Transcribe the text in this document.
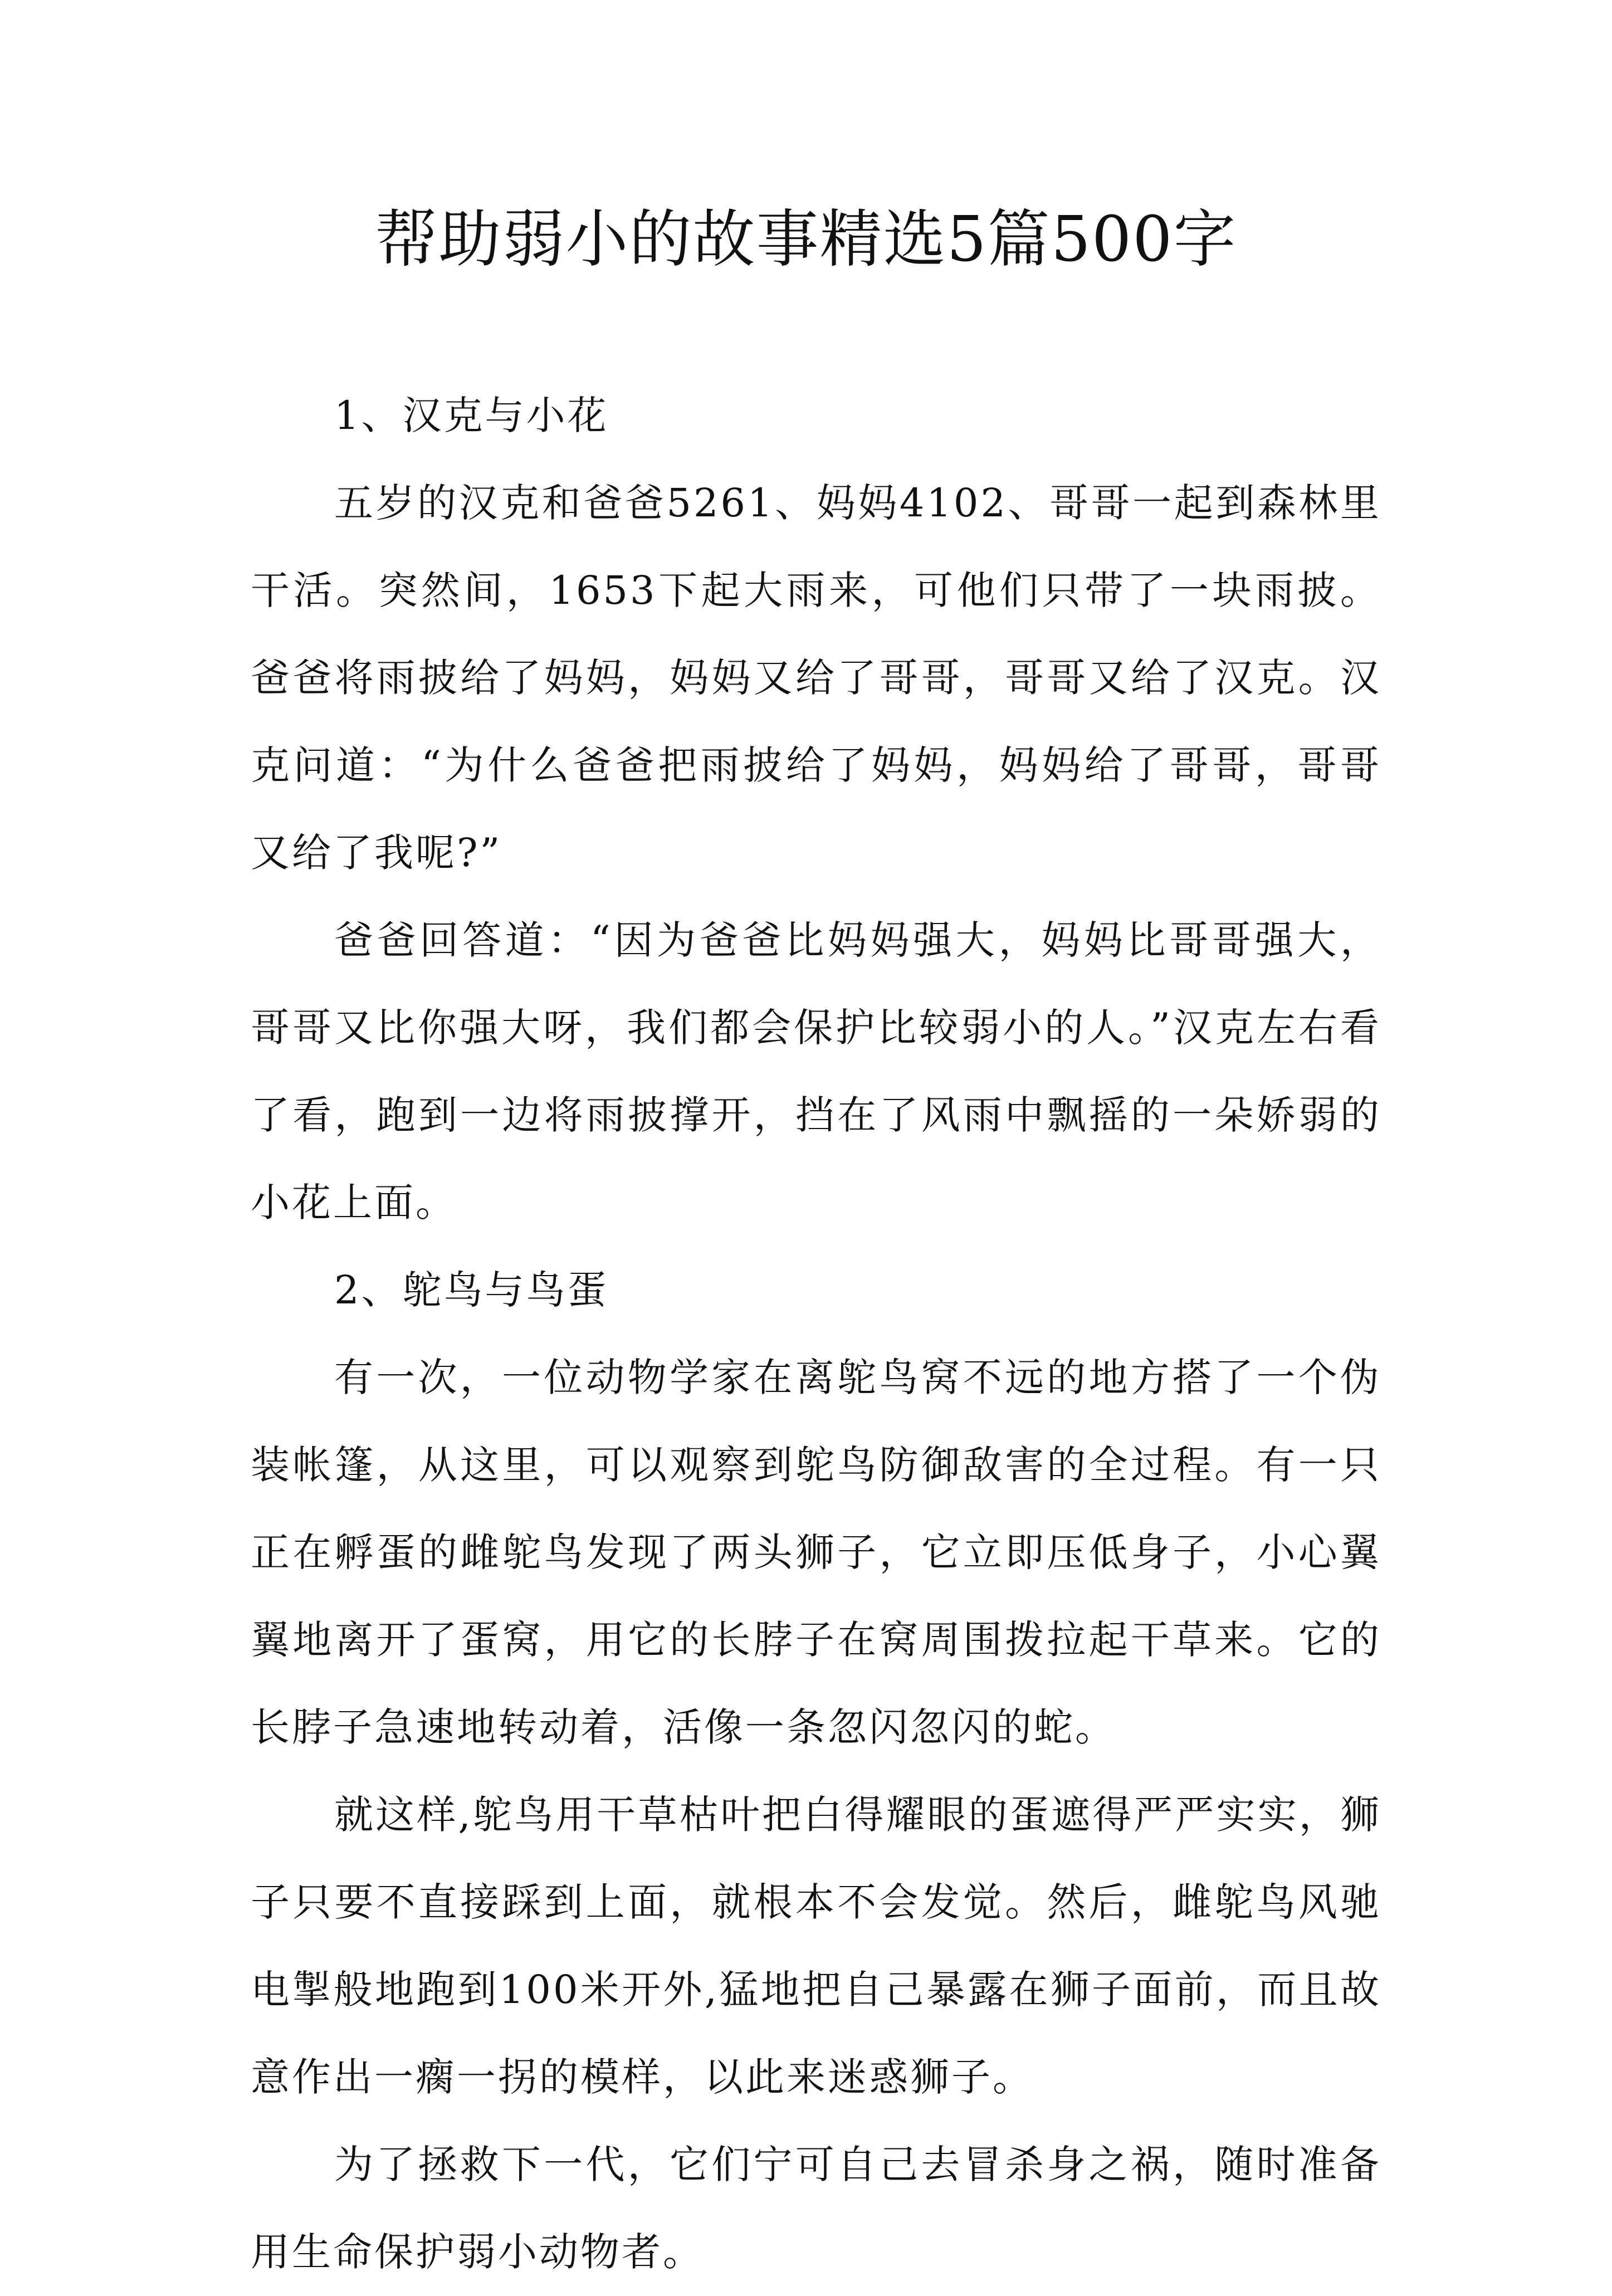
帮助弱小的故事精选5篇500字

1、汉克与小花

五岁的汉克和爸爸5261、妈妈4102、哥哥一起到森林里干活。突然间，1653下起大雨来，可他们只带了一块雨披。爸爸将雨披给了妈妈，妈妈又给了哥哥，哥哥又给了汉克。汉克问道：“为什么爸爸把雨披给了妈妈，妈妈给了哥哥，哥哥又给了我呢?”

爸爸回答道：“因为爸爸比妈妈强大，妈妈比哥哥强大，哥哥又比你强大呀，我们都会保护比较弱小的人。”汉克左右看了看，跑到一边将雨披撑开，挡在了风雨中飘摇的一朵娇弱的小花上面。

2、鸵鸟与鸟蛋

有一次，一位动物学家在离鸵鸟窝不远的地方搭了一个伪装帐篷，从这里，可以观察到鸵鸟防御敌害的全过程。有一只正在孵蛋的雌鸵鸟发现了两头狮子，它立即压低身子，小心翼翼地离开了蛋窝，用它的长脖子在窝周围拨拉起干草来。它的长脖子急速地转动着，活像一条忽闪忽闪的蛇。

就这样,鸵鸟用干草枯叶把白得耀眼的蛋遮得严严实实，狮子只要不直接踩到上面，就根本不会发觉。然后，雌鸵鸟风驰电掣般地跑到100米开外,猛地把自己暴露在狮子面前，而且故意作出一瘸一拐的模样，以此来迷惑狮子。

为了拯救下一代，它们宁可自己去冒杀身之祸，随时准备用生命保护弱小动物者。
